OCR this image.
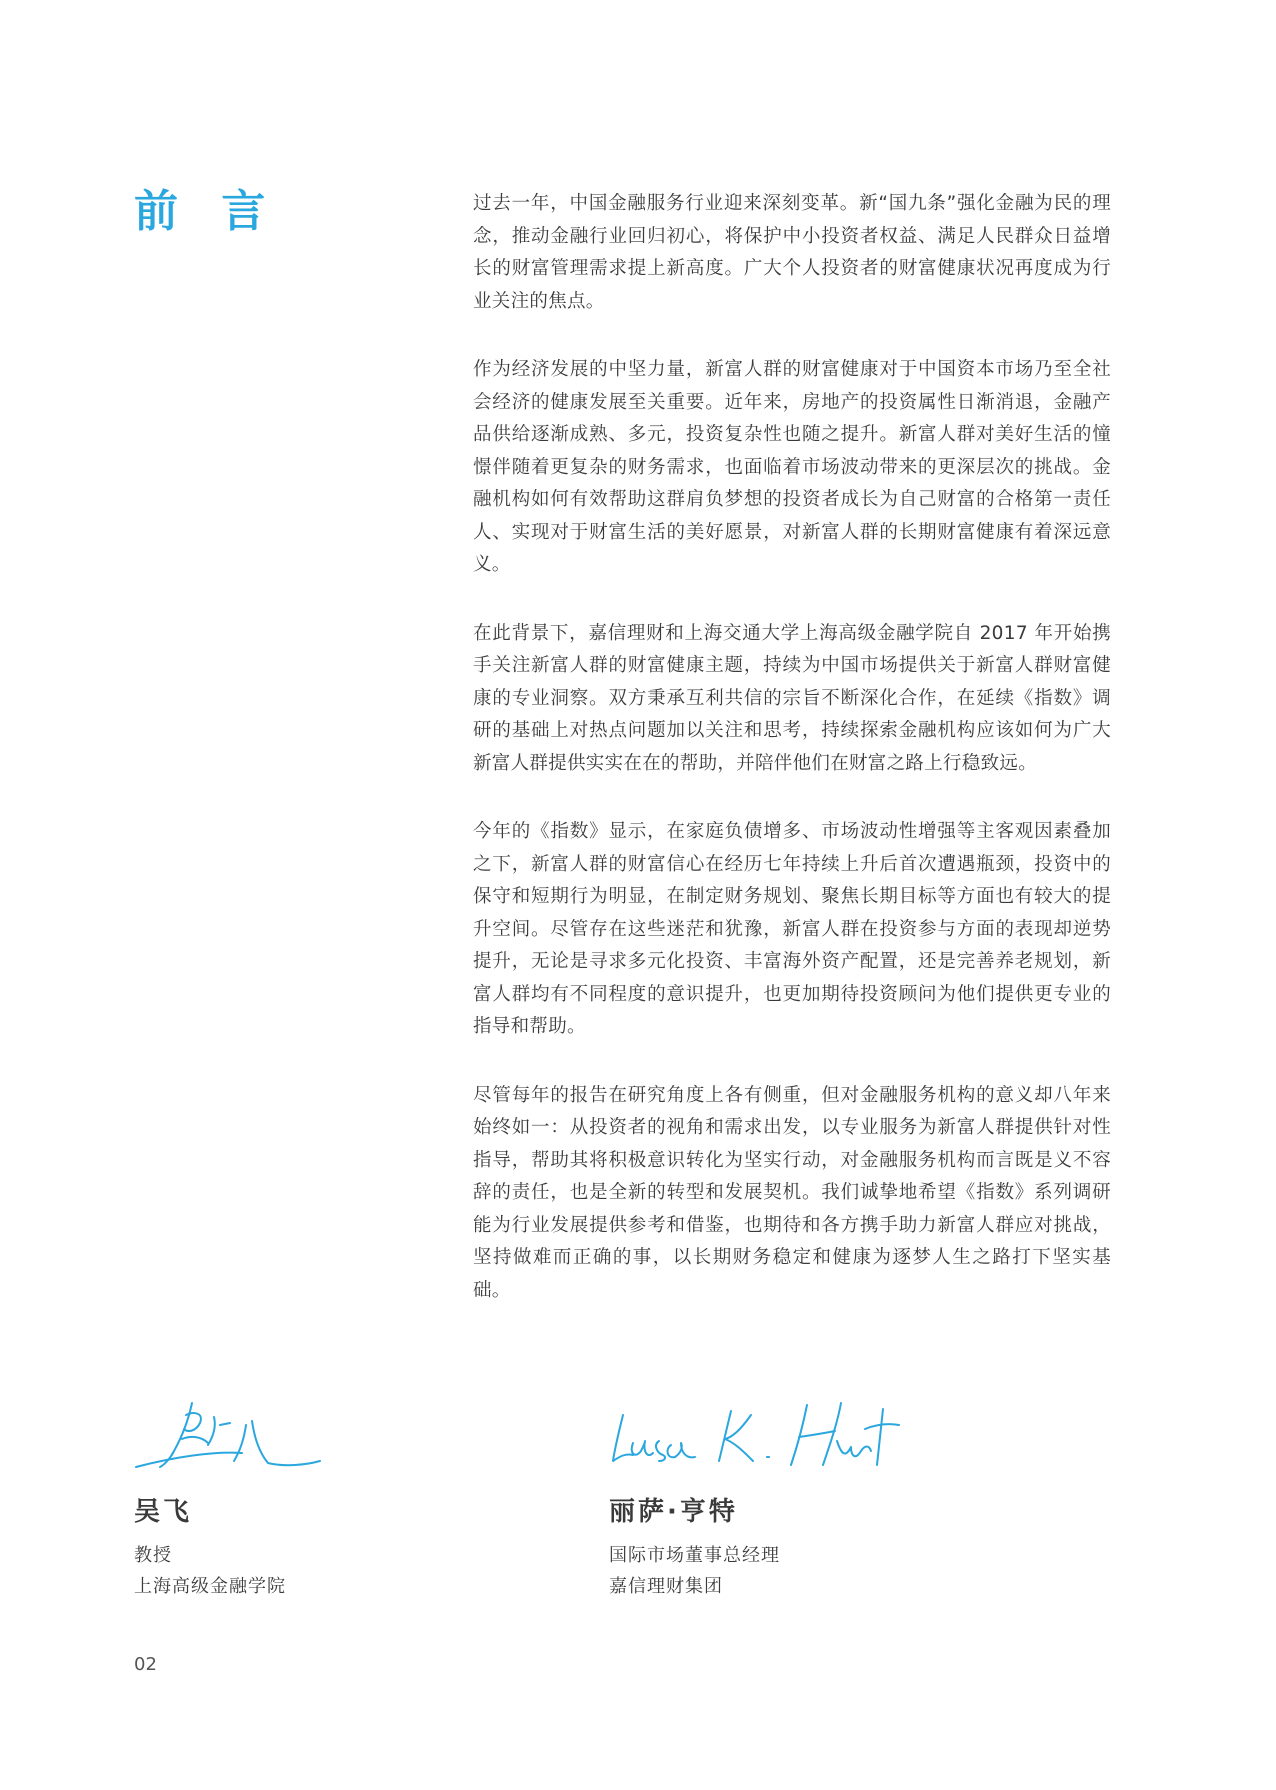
前 言	过去一年，中国金融服务行业迎来深刻变革。新“国九条”强化金融为民的理念，推动金融行业回归初心，将保护中小投资者权益、满足人民群众日益增长的财富管理需求提上新高度。广大个人投资者的财富健康状况再度成为行业关注的焦点。

作为经济发展的中坚力量，新富人群的财富健康对于中国资本市场乃至全社会经济的健康发展至关重要。近年来，房地产的投资属性日渐消退，金融产品供给逐渐成熟、多元，投资复杂性也随之提升。新富人群对美好生活的憧憬伴随着更复杂的财务需求，也面临着市场波动带来的更深层次的挑战。金融机构如何有效帮助这群肩负梦想的投资者成长为自己财富的合格第一责任人、实现对于财富生活的美好愿景，对新富人群的长期财富健康有着深远意义。

在此背景下，嘉信理财和上海交通大学上海高级金融学院自 2017 年开始携手关注新富人群的财富健康主题，持续为中国市场提供关于新富人群财富健康的专业洞察。双方秉承互利共信的宗旨不断深化合作，在延续《指数》调研的基础上对热点问题加以关注和思考，持续探索金融机构应该如何为广大新富人群提供实实在在的帮助，并陪伴他们在财富之路上行稳致远。

今年的《指数》显示，在家庭负债增多、市场波动性增强等主客观因素叠加之下，新富人群的财富信心在经历七年持续上升后首次遭遇瓶颈，投资中的保守和短期行为明显，在制定财务规划、聚焦长期目标等方面也有较大的提升空间。尽管存在这些迷茫和犹豫，新富人群在投资参与方面的表现却逆势提升，无论是寻求多元化投资、丰富海外资产配置，还是完善养老规划，新富人群均有不同程度的意识提升，也更加期待投资顾问为他们提供更专业的指导和帮助。

尽管每年的报告在研究角度上各有侧重，但对金融服务机构的意义却八年来始终如一：从投资者的视角和需求出发，以专业服务为新富人群提供针对性指导，帮助其将积极意识转化为坚实行动，对金融服务机构而言既是义不容辞的责任，也是全新的转型和发展契机。我们诚挚地希望《指数》系列调研能为行业发展提供参考和借鉴，也期待和各方携手助力新富人群应对挑战，坚持做难而正确的事，以长期财务稳定和健康为逐梦人生之路打下坚实基础。

吴飞
教授
上海高级金融学院
丽萨·亨特
国际市场董事总经理
嘉信理财集团
02
